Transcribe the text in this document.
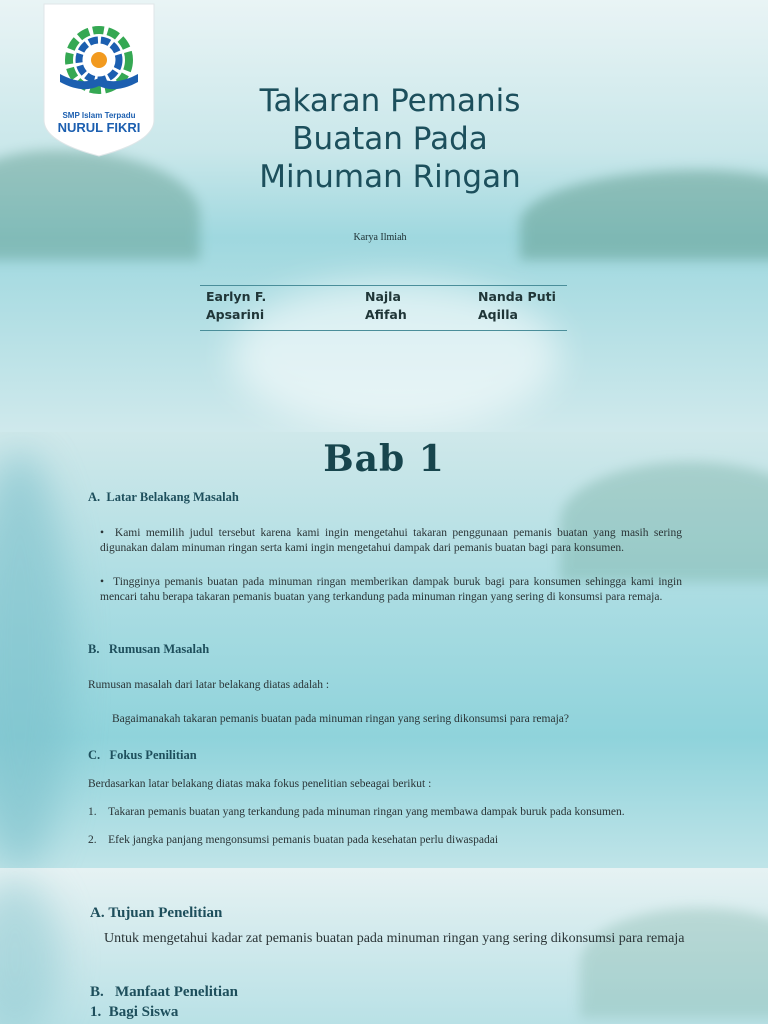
SMP Islam Terpadu
NURUL FIKRI
Takaran Pemanis
Buatan Pada
Minuman Ringan
Karya Ilmiah
Earlyn F.
Apsarini
Najla
Afifah
Nanda Puti
Aqilla
Bab 1
A. Latar Belakang Masalah
•  Kami memilih judul tersebut karena kami ingin mengetahui takaran penggunaan pemanis buatan yang masih sering digunakan dalam minuman ringan serta kami ingin mengetahui dampak dari pemanis buatan bagi para konsumen.
•  Tingginya pemanis buatan pada minuman ringan memberikan dampak buruk bagi para konsumen sehingga kami ingin mencari tahu berapa takaran pemanis buatan yang terkandung pada minuman ringan yang sering di konsumsi para remaja.
B. Rumusan Masalah
Rumusan masalah dari latar belakang diatas adalah :
Bagaimanakah takaran pemanis buatan pada minuman ringan yang sering dikonsumsi para remaja?
C. Fokus Penilitian
Berdasarkan latar belakang diatas maka fokus penelitian sebeagai berikut :
1. Takaran pemanis buatan yang terkandung pada minuman ringan yang membawa dampak buruk pada konsumen.
2. Efek jangka panjang mengonsumsi pemanis buatan pada kesehatan perlu diwaspadai
A. Tujuan Penelitian
Untuk mengetahui kadar zat pemanis buatan pada minuman ringan yang sering dikonsumsi para remaja
B. Manfaat Penelitian
1. Bagi Siswa
